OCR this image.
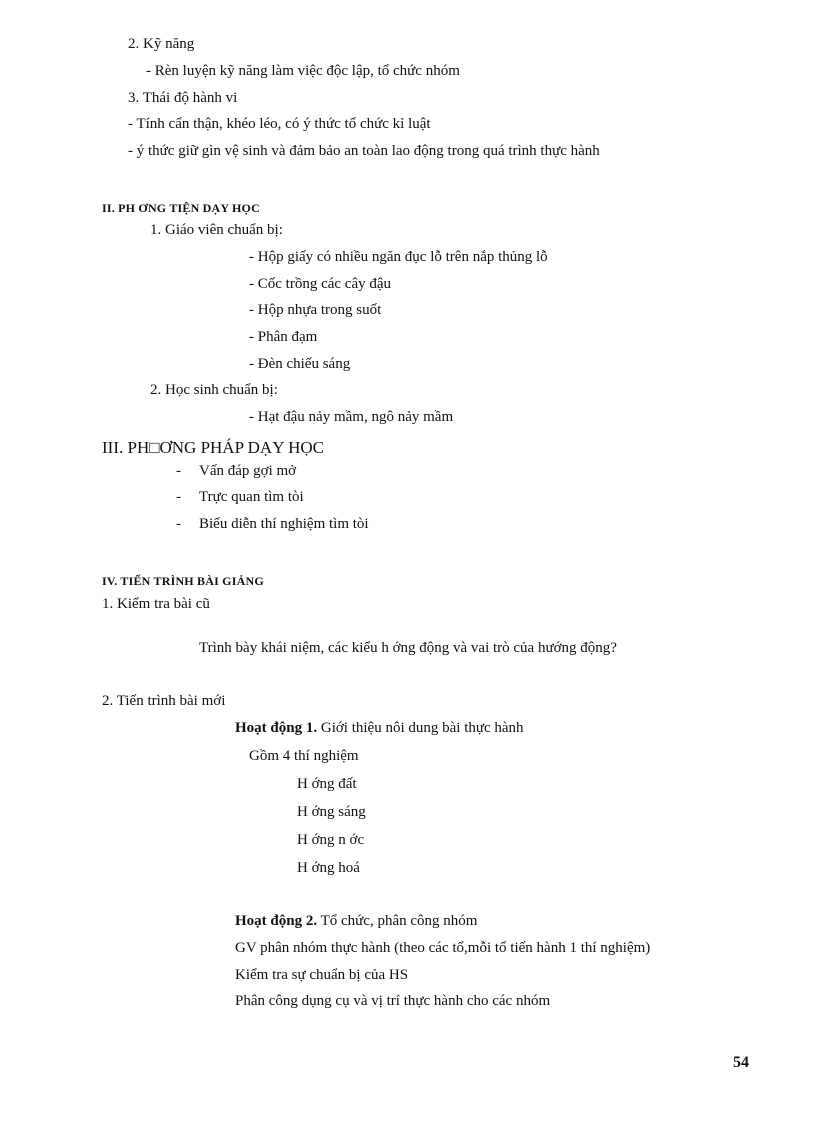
2. Kỹ năng
- Rèn luyện kỹ năng làm việc độc lập, tổ chức nhóm
3. Thái độ hành vi
- Tính cẩn thận, khéo léo, có ý thức tổ chức kỉ luật
- ý thức giữ gìn vệ sinh và đảm bảo an toàn lao động trong quá trình thực hành
II. PH ƠNG TIỆN DẠY HỌC
1. Giáo viên chuẩn bị:
- Hộp giấy có nhiều ngăn đục lỗ trên nắp thủng lỗ
- Cốc trồng các cây đậu
- Hộp nhựa trong suốt
- Phân đạm
- Đèn chiếu sáng
2. Học sinh chuẩn bị:
- Hạt đậu nảy mầm, ngô nảy mầm
III. PH□ƠNG PHÁP DẠY HỌC
- Vấn đáp gợi mở
- Trực quan tìm tòi
- Biểu diễn thí nghiệm tìm tòi
IV. TIẾN TRÌNH BÀI GIẢNG
1. Kiểm tra bài cũ
Trình bày khái niệm, các kiểu h ớng động và vai trò của hướng động?
2. Tiến trình bài mới
Hoạt động 1. Giới thiệu nôi dung bài thực hành
Gồm 4 thí nghiệm
H ớng đất
H ớng sáng
H ớng n ớc
H ớng hoá
Hoạt động 2. Tổ chức, phân công nhóm
GV phân nhóm thực hành (theo các tổ,mỗi tổ tiến hành 1 thí nghiệm)
Kiểm tra sự chuẩn bị của HS
Phân công dụng cụ và vị trí thực hành cho các nhóm
54
